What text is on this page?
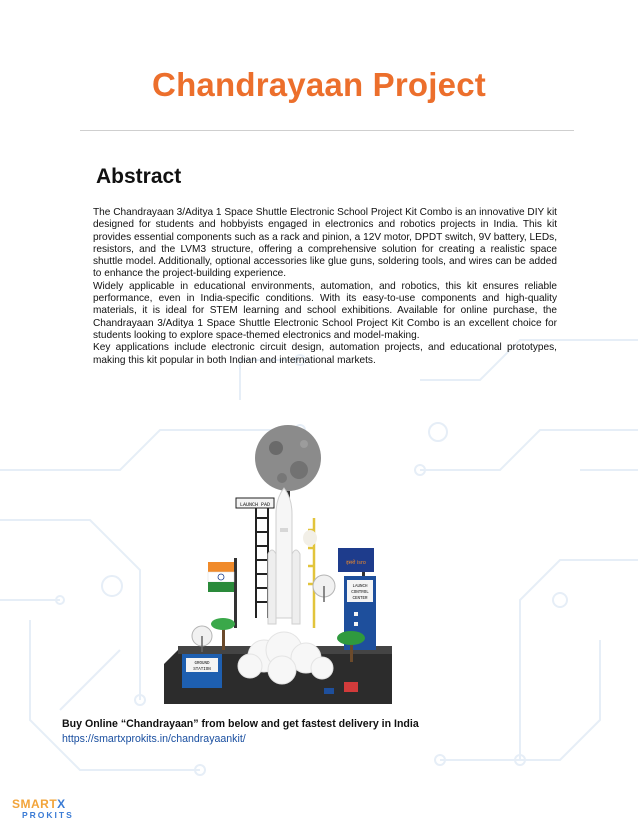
Chandrayaan Project
Abstract

The Chandrayaan 3/Aditya 1 Space Shuttle Electronic School Project Kit Combo is an innovative DIY kit designed for students and hobbyists engaged in electronics and robotics projects in India. This kit provides essential components such as a rack and pinion, a 12V motor, DPDT switch, 9V battery, LEDs, resistors, and the LVM3 structure, offering a comprehensive solution for creating a realistic space shuttle model. Additionally, optional accessories like glue guns, soldering tools, and wires can be added to enhance the project-building experience.

Widely applicable in educational environments, automation, and robotics, this kit ensures reliable performance, even in India-specific conditions. With its easy-to-use components and high-quality materials, it is ideal for STEM learning and school exhibitions. Available for online purchase, the Chandrayaan 3/Aditya 1 Space Shuttle Electronic School Project Kit Combo is an excellent choice for students looking to explore space-themed electronics and model-making.

Key applications include electronic circuit design, automation projects, and educational prototypes, making this kit popular in both Indian and international markets.

LAUNCH PAD
इसरो isro
LAUNCH
CONTROL
CENTER
GROUND
STATION
Buy Online “Chandrayaan” from below and get fastest delivery in India
https://smartxprokits.in/chandrayaankit/
SMARTX
PROKITS
